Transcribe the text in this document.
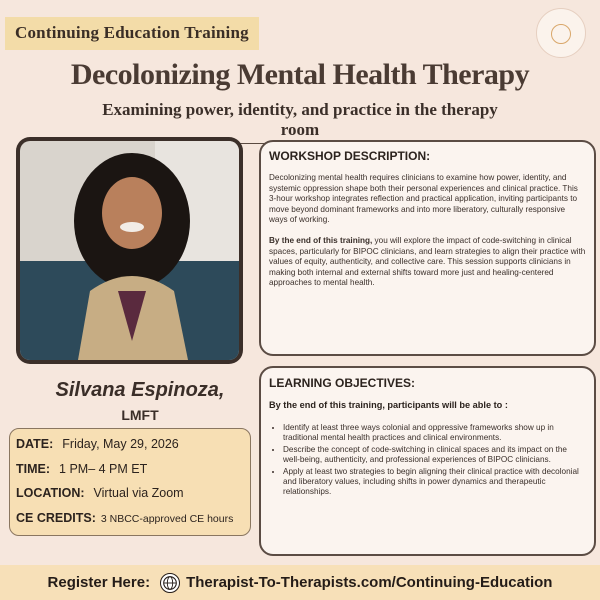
Continuing Education Training
Decolonizing Mental Health Therapy
Examining power, identity, and practice in the therapy room
Silvana Espinoza,
LMFT
DATE: Friday, May 29, 2026
TIME: 1 PM– 4 PM ET
LOCATION: Virtual via Zoom
CE CREDITS: 3 NBCC-approved CE hours
WORKSHOP DESCRIPTION:

Decolonizing mental health requires clinicians to examine how power, identity, and systemic oppression shape both their personal experiences and clinical practice. This 3-hour workshop integrates reflection and practical application, inviting participants to move beyond dominant frameworks and into more liberatory, culturally responsive ways of working.

By the end of this training, you will explore the impact of code-switching in clinical spaces, particularly for BIPOC clinicians, and learn strategies to align their practice with values of equity, authenticity, and collective care. This session supports clinicians in making both internal and external shifts toward more just and healing-centered approaches to mental health.

LEARNING OBJECTIVES:
By the end of this training, participants will be able to :
• Identify at least three ways colonial and oppressive frameworks show up in traditional mental health practices and clinical environments.
• Describe the concept of code-switching in clinical spaces and its impact on the well-being, authenticity, and professional experiences of BIPOC clinicians.
• Apply at least two strategies to begin aligning their clinical practice with decolonial and liberatory values, including shifts in power dynamics and therapeutic relationships.
Register Here: Therapist-To-Therapists.com/Continuing-Education
